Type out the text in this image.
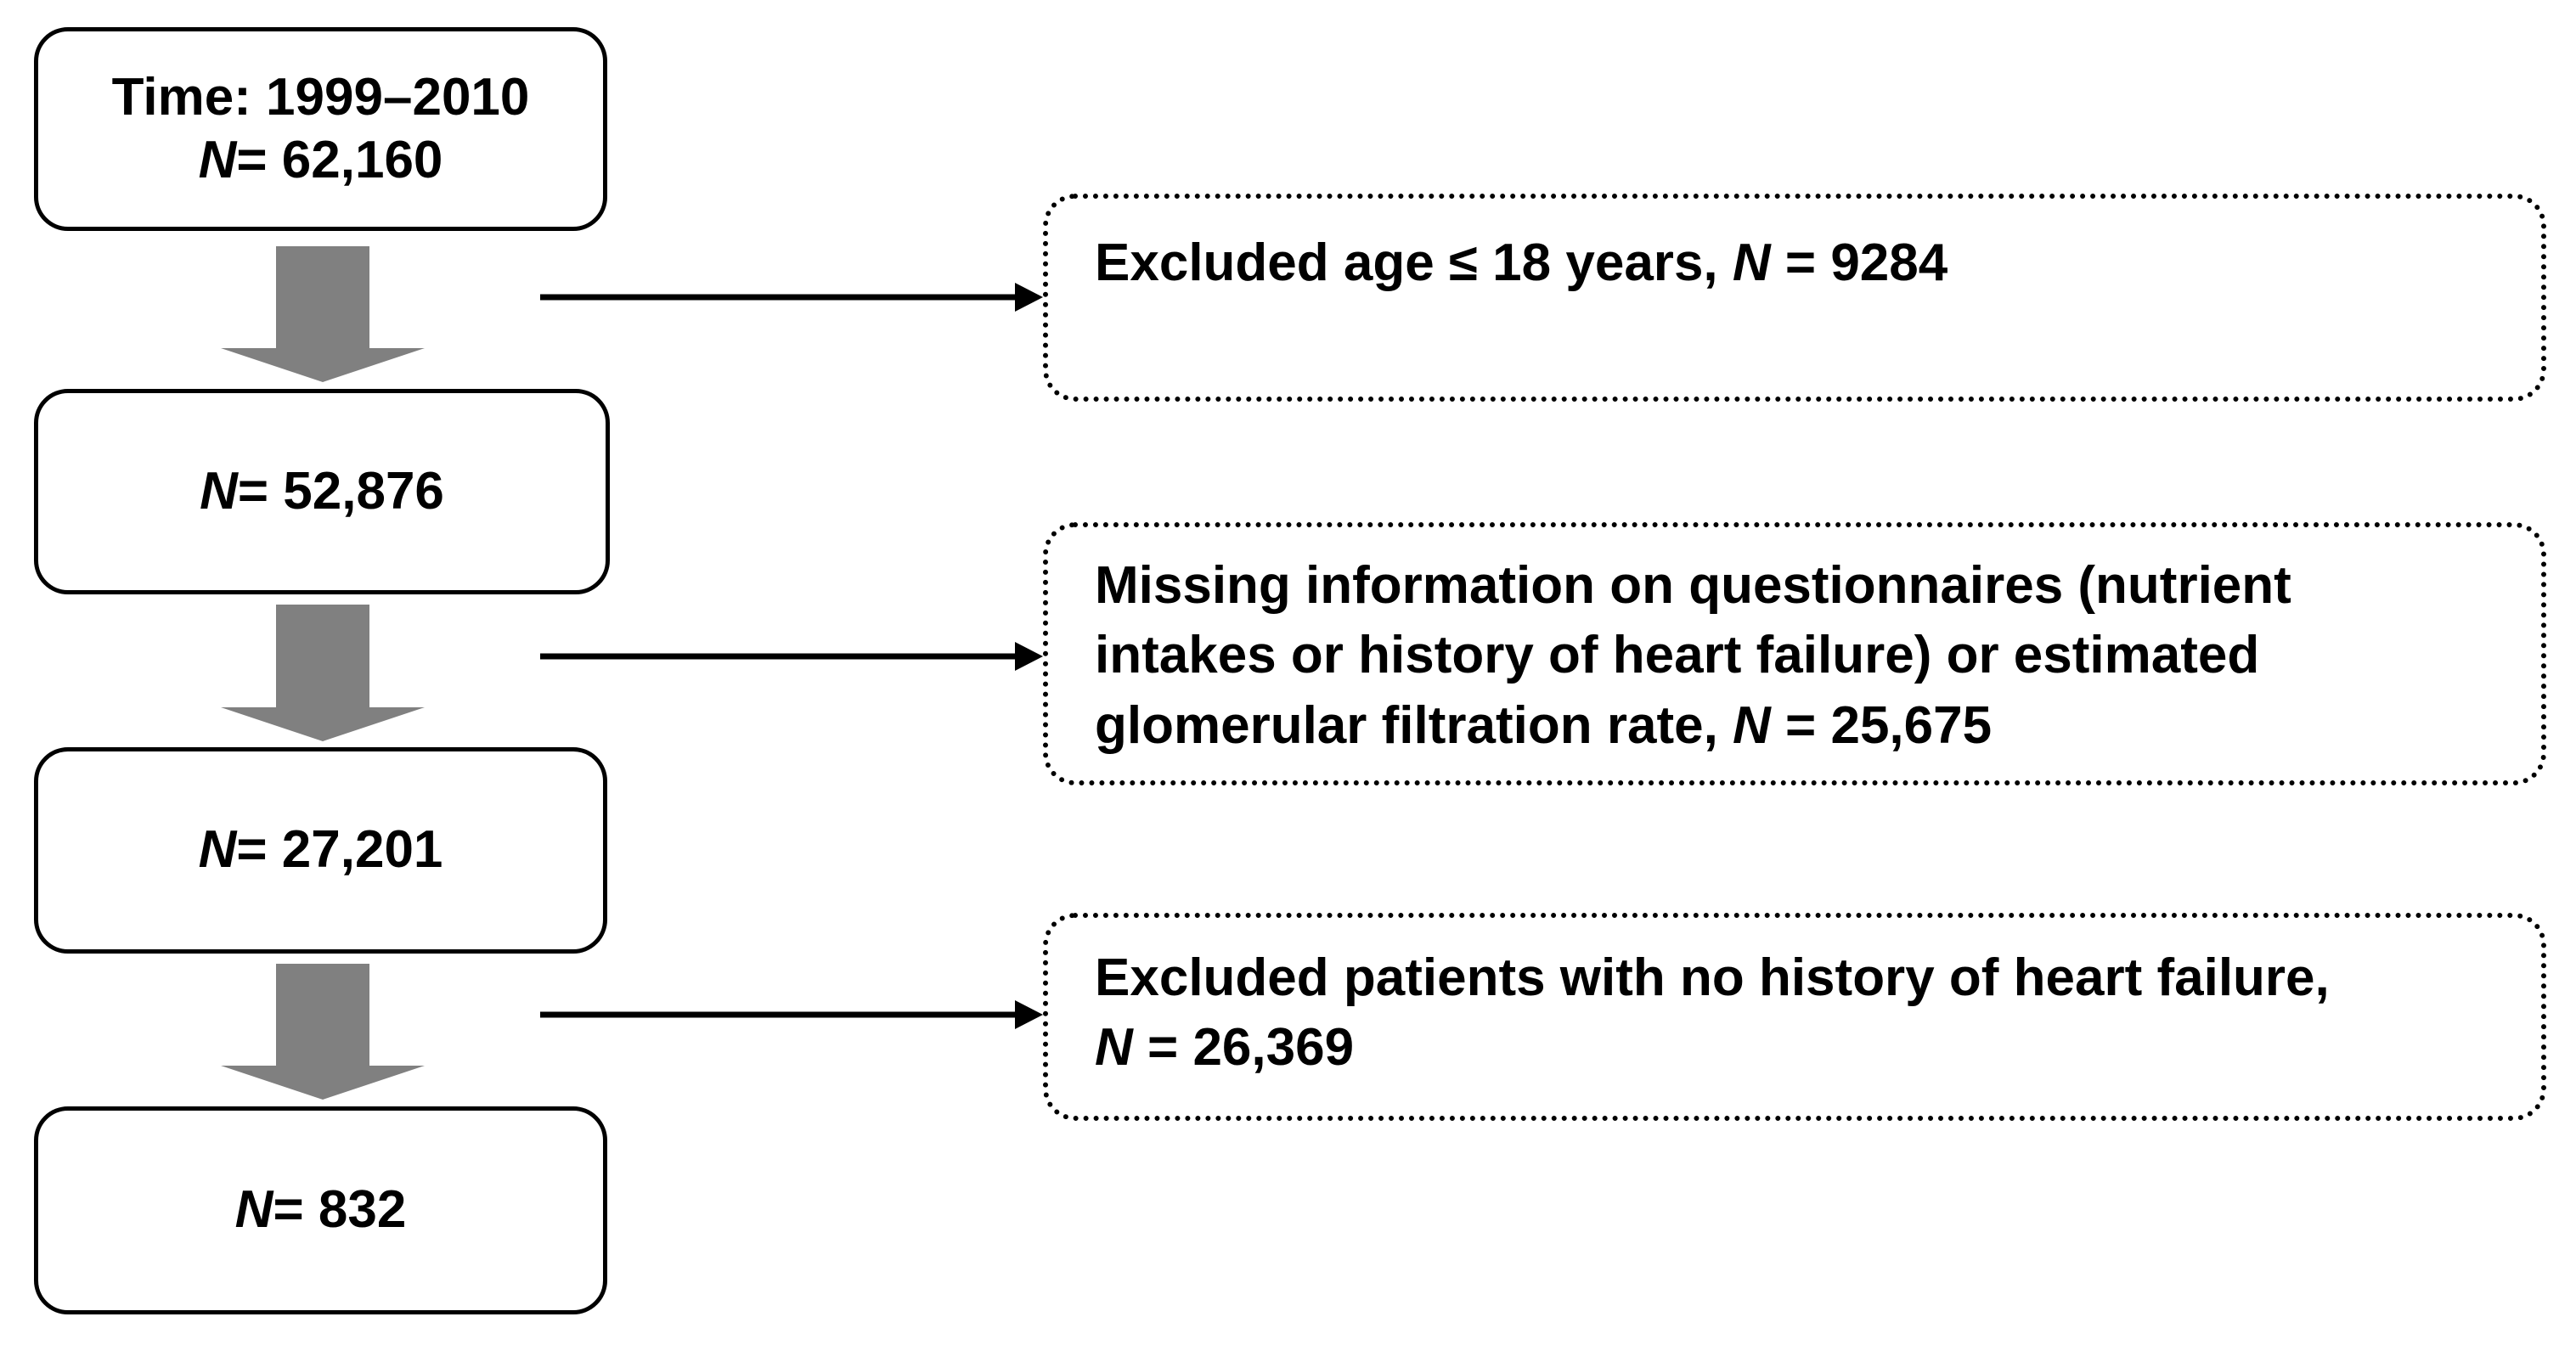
Time: 1999–2010
N= 62,160
N= 52,876
N= 27,201
N= 832
Excluded age ≤ 18 years, N = 9284
Missing information on questionnaires (nutrient
intakes or history of heart failure) or estimated
glomerular filtration rate, N = 25,675
Excluded patients with no history of heart failure,
N = 26,369
